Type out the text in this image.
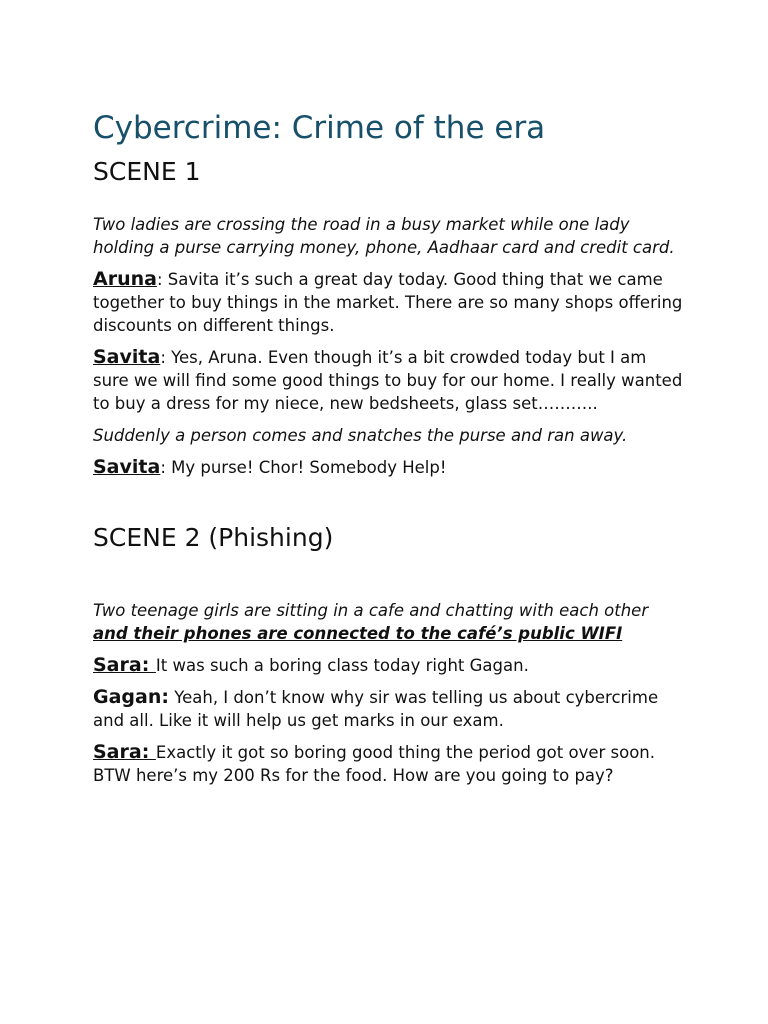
Cybercrime: Crime of the era
SCENE 1

Two ladies are crossing the road in a busy market while one lady holding a purse carrying money, phone, Aadhaar card and credit card.

Aruna: Savita it’s such a great day today. Good thing that we came together to buy things in the market. There are so many shops offering discounts on different things.

Savita: Yes, Aruna. Even though it’s a bit crowded today but I am sure we will find some good things to buy for our home. I really wanted to buy a dress for my niece, new bedsheets, glass set………..

Suddenly a person comes and snatches the purse and ran away.

Savita: My purse! Chor! Somebody Help!

SCENE 2 (Phishing)

Two teenage girls are sitting in a cafe and chatting with each other and their phones are connected to the café’s public WIFI

Sara: It was such a boring class today right Gagan.

Gagan: Yeah, I don’t know why sir was telling us about cybercrime and all. Like it will help us get marks in our exam.

Sara: Exactly it got so boring good thing the period got over soon. BTW here’s my 200 Rs for the food. How are you going to pay?
